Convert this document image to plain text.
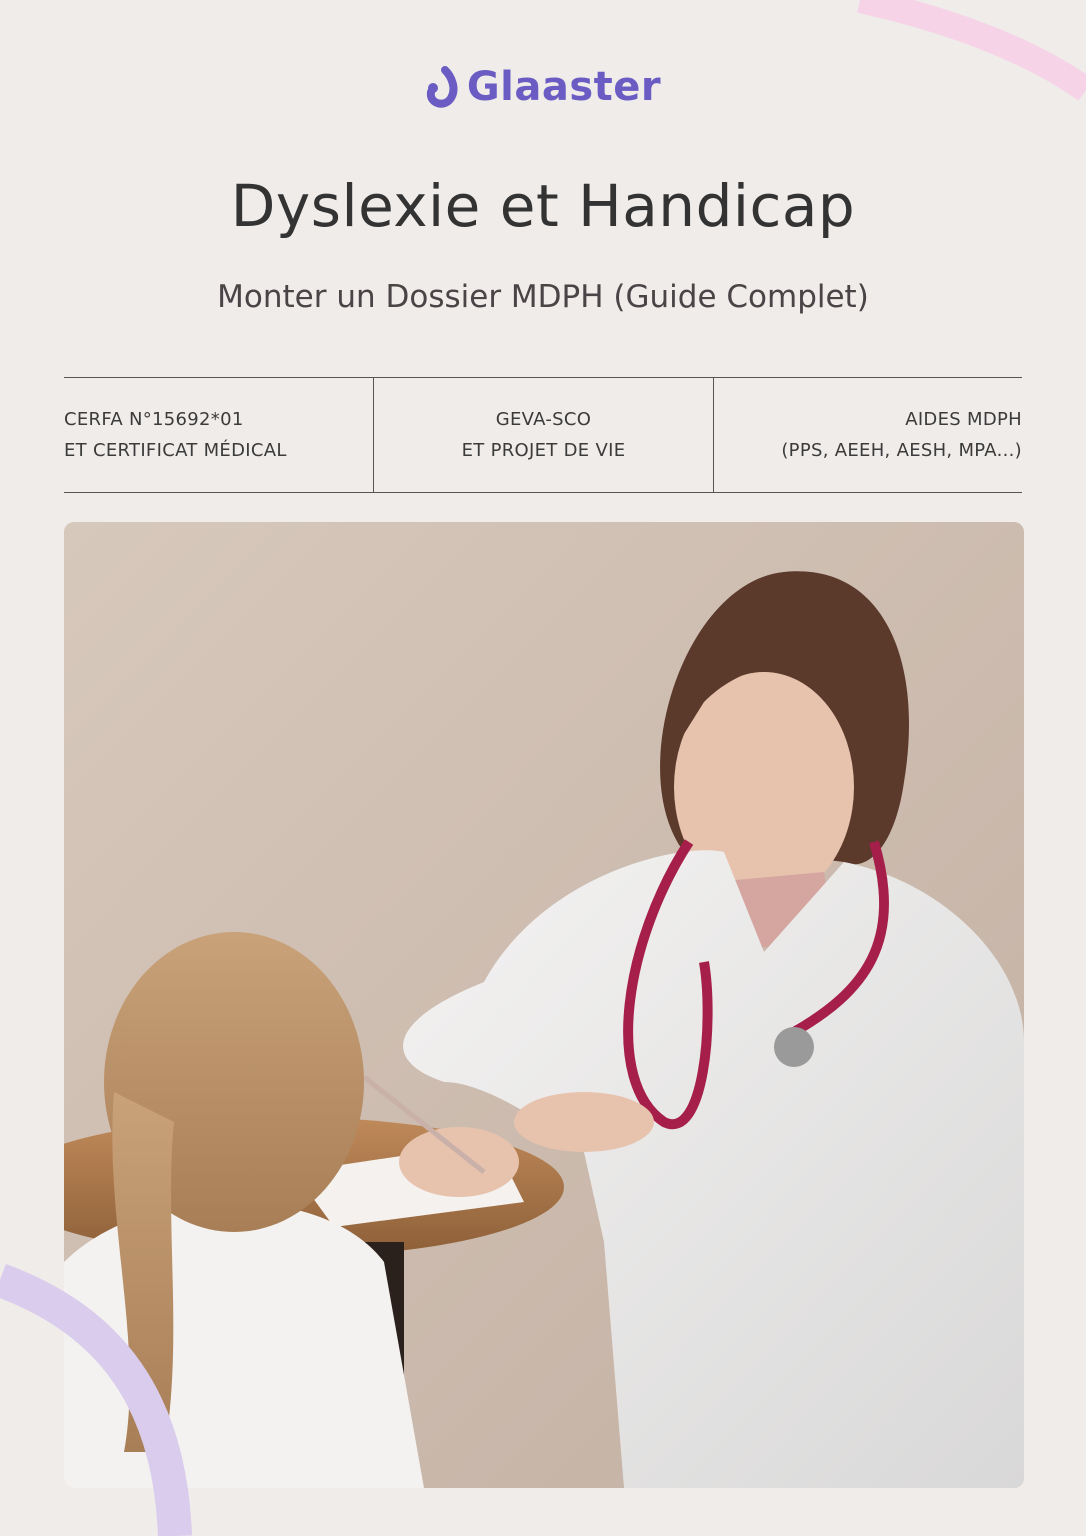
Glaaster
Dyslexie et Handicap
Monter un Dossier MDPH (Guide Complet)
CERFA N°15692*01
ET CERTIFICAT MÉDICAL
GEVA-SCO
ET PROJET DE VIE
AIDES MDPH
(PPS, AEEH, AESH, MPA...)
